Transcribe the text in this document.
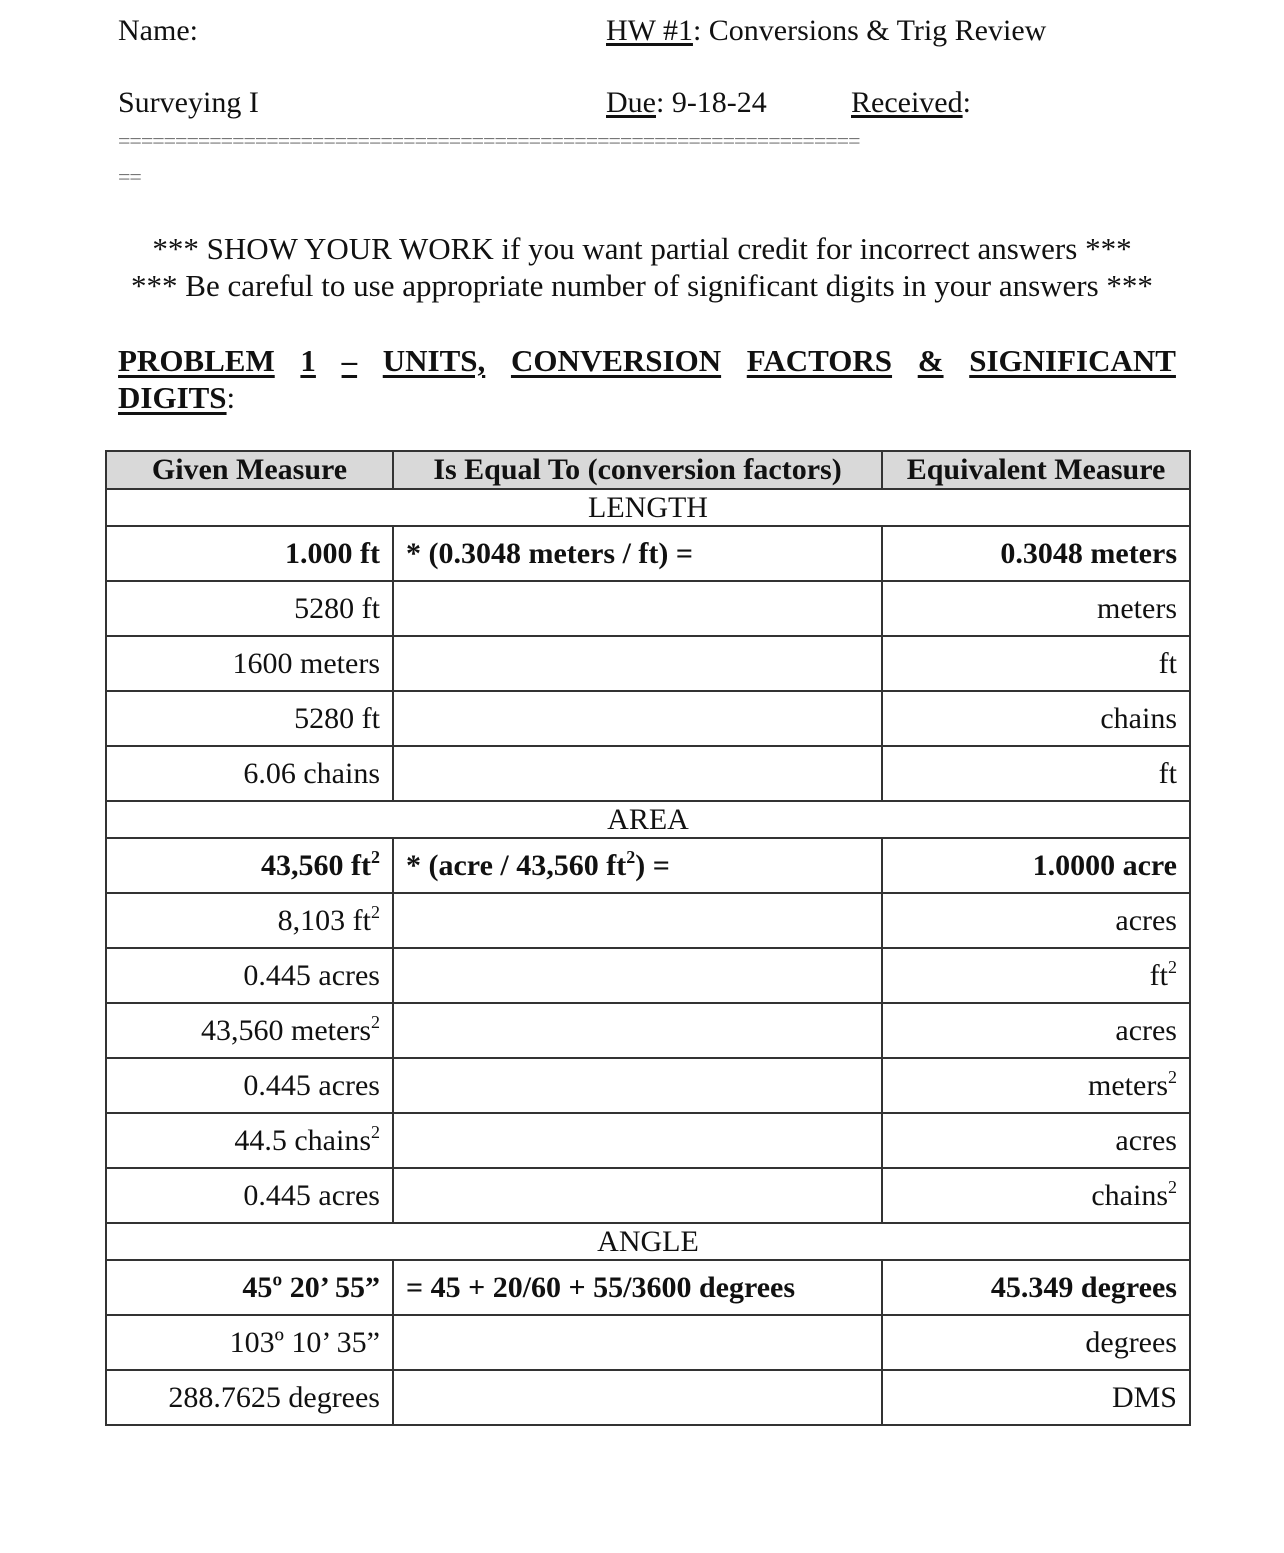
Name:	HW #1: Conversions & Trig Review
Surveying I	Due: 9-18-24	Received:
=================================================================
==
*** SHOW YOUR WORK if you want partial credit for incorrect answers ***
*** Be careful to use appropriate number of significant digits in your answers ***
PROBLEM 1 – UNITS, CONVERSION FACTORS & SIGNIFICANT
DIGITS:
Given Measure	Is Equal To (conversion factors)	Equivalent Measure
LENGTH		
1.000 ft	* (0.3048 meters / ft) =	0.3048 meters
5280 ft		meters
1600 meters		ft
5280 ft		chains
6.06 chains		ft
AREA		
43,560 $ft^2$	* (acre / 43,560 $ft^2$) =	1.0000 acre
8,103 $ft^2$		acres
0.445 acres		$ft^2$
43,560 meters$^2$		acres
0.445 acres		meters$^2$
44.5 chains$^2$		acres
0.445 acres		chains$^2$
ANGLE		
45º 20’ 55”	= 45 + 20/60 + 55/3600 degrees	45.349 degrees
103º 10’ 35”		degrees
288.7625 degrees		DMS
